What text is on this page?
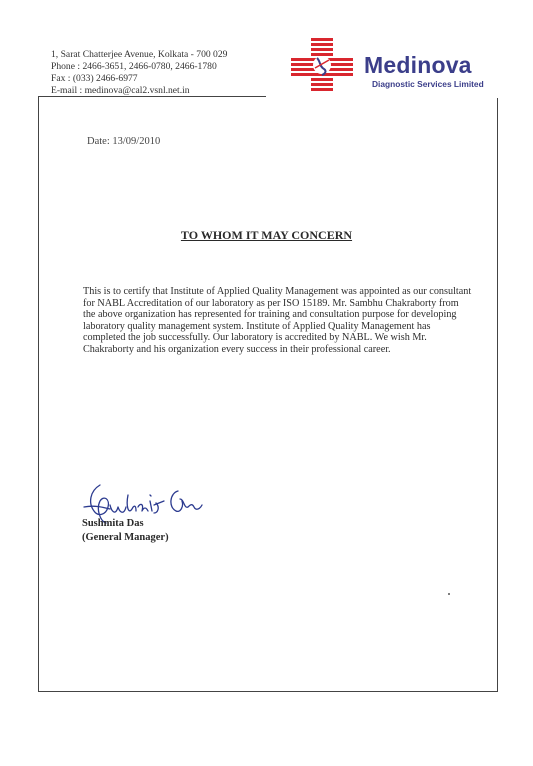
1, Sarat Chatterjee Avenue, Kolkata - 700 029
Phone : 2466-3651, 2466-0780, 2466-1780
Fax : (033) 2466-6977
E-mail : medinova@cal2.vsnl.net.in
Medinova
Diagnostic Services Limited
Date: 13/09/2010
TO WHOM IT MAY CONCERN
This is to certify that Institute of Applied Quality Management was appointed as our consultant
for NABL Accreditation of our laboratory as per ISO 15189. Mr. Sambhu Chakraborty from
the above organization has represented for training and consultation purpose for developing
laboratory quality management system. Institute of Applied Quality Management has
completed the job successfully. Our laboratory is accredited by NABL. We wish Mr.
Chakraborty and his organization every success in their professional career.
Sushmita Das
(General Manager)
